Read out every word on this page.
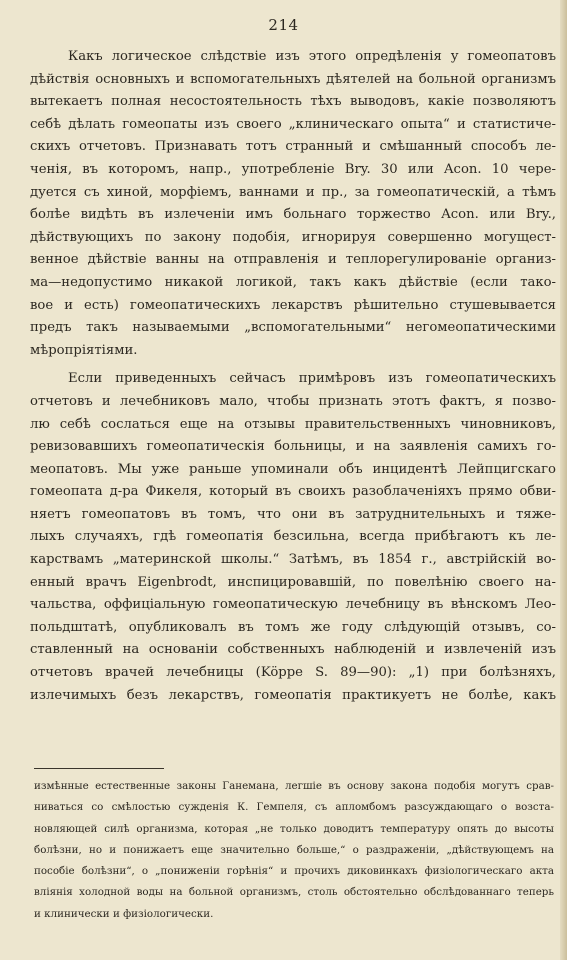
214

Какъ логическое слѣдствіе изъ этого опредѣленія у гомеопатовъ

дѣйствія основныхъ и вспомогательныхъ дѣятелей на больной организмъ

вытекаетъ полная несостоятельность тѣхъ выводовъ, какіе позволяютъ

себѣ дѣлать гомеопаты изъ своего „клиническаго опыта“ и статистиче-

скихъ отчетовъ. Признавать тотъ странный и смѣшанный способъ ле-

ченія, въ которомъ, напр., употребленіе Bry. 30 или Acon. 10 чере-

дуется съ хиной, морфіемъ, ваннами и пр., за гомеопатическій, а тѣмъ

болѣе видѣть въ излеченіи имъ больнаго торжество Acon. или Bry.,

дѣйствующихъ по закону подобія, игнорируя совершенно могущест-

венное дѣйствіе ванны на отправленія и теплорегулированіе организ-

ма—недопустимо никакой логикой, такъ какъ дѣйствіе (если тако-

вое и есть) гомеопатическихъ лекарствъ рѣшительно стушевывается

предъ такъ называемыми „вспомогательными“ негомеопатическими

мѣропріятіями.

Если приведенныхъ сейчасъ примѣровъ изъ гомеопатическихъ

отчетовъ и лечебниковъ мало, чтобы признать этотъ фактъ, я позво-

лю себѣ сослаться еще на отзывы правительственныхъ чиновниковъ,

ревизовавшихъ гомеопатическія больницы, и на заявленія самихъ го-

меопатовъ. Мы уже раньше упоминали объ инцидентѣ Лейпцигскаго

гомеопата д-ра Фикеля, который въ своихъ разоблаченіяхъ прямо обви-

няетъ гомеопатовъ въ томъ, что они въ затруднительныхъ и тяже-

лыхъ случаяхъ, гдѣ гомеопатія безсильна, всегда прибѣгаютъ къ ле-

карствамъ „материнской школы.“ Затѣмъ, въ 1854 г., австрійскій во-

енный врачъ Eigenbrodt, инспицировавшій, по повелѣнію своего на-

чальства, оффиціальную гомеопатическую лечебницу въ вѣнскомъ Лео-

польдштатѣ, опубликовалъ въ томъ же году слѣдующій отзывъ, со-

ставленный на основаніи собственныхъ наблюденій и извлеченій изъ

отчетовъ врачей лечебницы (Köppe S. 89—90): „1) при болѣзняхъ,

излечимыхъ безъ лекарствъ, гомеопатія практикуетъ не болѣе, какъ

измѣнные естественные законы Ганемана, легшіе въ основу закона подобія могутъ срав-

ниваться со смѣлостью сужденія К. Гемпеля, съ апломбомъ разсуждающаго о возста-

новляющей силѣ организма, которая „не только доводитъ температуру опять до высоты

болѣзни, но и понижаетъ еще значительно больше,“ о раздраженіи, „дѣйствующемъ на

пособіе болѣзни“, о „пониженіи горѣнія“ и прочихъ диковинкахъ физіологическаго акта

вліянія холодной воды на больной организмъ, столь обстоятельно обслѣдованнаго теперь

и клинически и физіологически.
